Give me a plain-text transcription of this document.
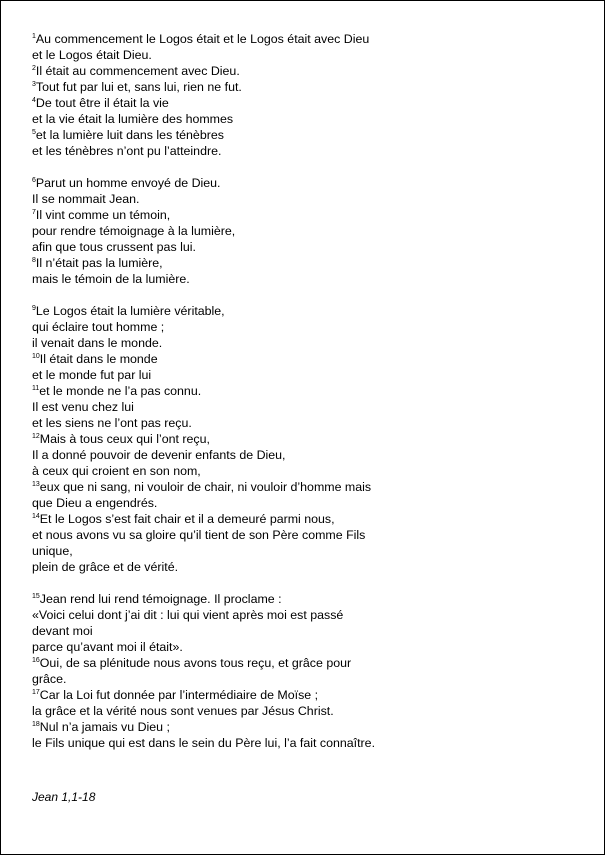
$^1$Au commencement le Logos était et le Logos était avec Dieu
et le Logos était Dieu.
$^2$Il était au commencement avec Dieu.
$^3$Tout fut par lui et, sans lui, rien ne fut.
$^4$De tout être il était la vie
et la vie était la lumière des hommes
$^5$et la lumière luit dans les ténèbres
et les ténèbres n’ont pu l’atteindre.
$^6$Parut un homme envoyé de Dieu.
Il se nommait Jean.
$^7$Il vint comme un témoin,
pour rendre témoignage à la lumière,
afin que tous crussent pas lui.
$^8$Il n’était pas la lumière,
mais le témoin de la lumière.
$^9$Le Logos était la lumière véritable,
qui éclaire tout homme ;
il venait dans le monde.
$^{10}$Il était dans le monde
et le monde fut par lui
$^{11}$et le monde ne l’a pas connu.
Il est venu chez lui
et les siens ne l’ont pas reçu.
$^{12}$Mais à tous ceux qui l’ont reçu,
Il a donné pouvoir de devenir enfants de Dieu,
à ceux qui croient en son nom,
$^{13}$eux que ni sang, ni vouloir de chair, ni vouloir d’homme mais
que Dieu a engendrés.
$^{14}$Et le Logos s’est fait chair et il a demeuré parmi nous,
et nous avons vu sa gloire qu’il tient de son Père comme Fils
unique,
plein de grâce et de vérité.
$^{15}$Jean rend lui rend témoignage. Il proclame :
«Voici celui dont j’ai dit : lui qui vient après moi est passé
devant moi
parce qu’avant moi il était».
$^{16}$Oui, de sa plénitude nous avons tous reçu, et grâce pour
grâce.
$^{17}$Car la Loi fut donnée par l’intermédiaire de Moïse ;
la grâce et la vérité nous sont venues par Jésus Christ.
$^{18}$Nul n’a jamais vu Dieu ;
le Fils unique qui est dans le sein du Père lui, l’a fait connaître.
Jean 1,1-18
